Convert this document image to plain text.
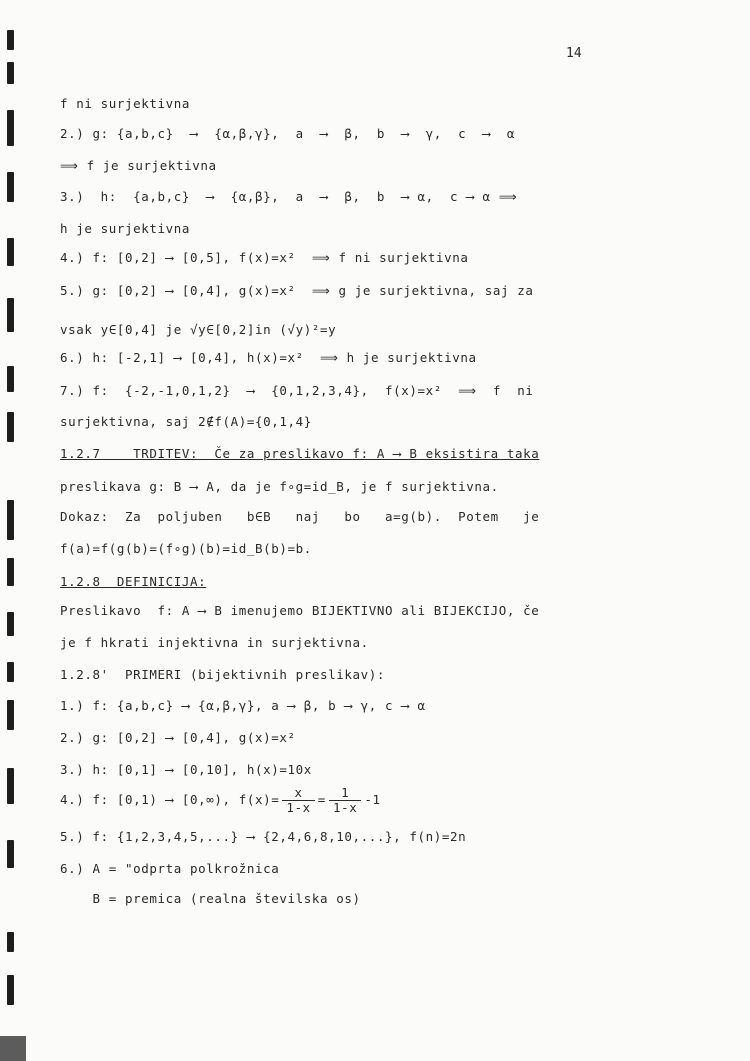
14
f ni surjektivna
2.) g: {a,b,c}  ⟶  {α,β,γ},  a  ⟶  β,  b  ⟶  γ,  c  ⟶  α
⟹ f je surjektivna
3.)  h:  {a,b,c}  ⟶  {α,β},  a  ⟶  β,  b  ⟶ α,  c ⟶ α ⟹
h je surjektivna
4.) f: [0,2] ⟶ [0,5], f(x)=x²  ⟹ f ni surjektivna
5.) g: [0,2] ⟶ [0,4], g(x)=x²  ⟹ g je surjektivna, saj za
vsak y∈[0,4] je √y∈[0,2]in (√y)²=y
6.) h: [-2,1] ⟶ [0,4], h(x)=x²  ⟹ h je surjektivna
7.) f:  {-2,-1,0,1,2}  ⟶  {0,1,2,3,4},  f(x)=x²  ⟹  f  ni
surjektivna, saj 2∉f(A)={0,1,4}
1.2.7    TRDITEV:  Če za preslikavo f: A ⟶ B eksistira taka
preslikava g: B ⟶ A, da je f∘g=id_B, je f surjektivna.
Dokaz:  Za  poljuben   b∈B   naj   bo   a=g(b).  Potem   je
f(a)=f(g(b)=(f∘g)(b)=id_B(b)=b.
1.2.8  DEFINICIJA:
Preslikavo  f: A ⟶ B imenujemo BIJEKTIVNO ali BIJEKCIJO, če
je f hkrati injektivna in surjektivna.
1.2.8'  PRIMERI (bijektivnih preslikav):
1.) f: {a,b,c} ⟶ {α,β,γ}, a ⟶ β, b ⟶ γ, c ⟶ α
2.) g: [0,2] ⟶ [0,4], g(x)=x²
3.) h: [0,1] ⟶ [0,10], h(x)=10x
4.) f: [0,1) ⟶ [0,∞), $f(x)= \frac{x}{1-x} = \frac{1}{1-x} -1$
5.) f: {1,2,3,4,5,...} ⟶ {2,4,6,8,10,...}, f(n)=2n
6.) A = "odprta polkrožnica
B = premica (realna številska os)
